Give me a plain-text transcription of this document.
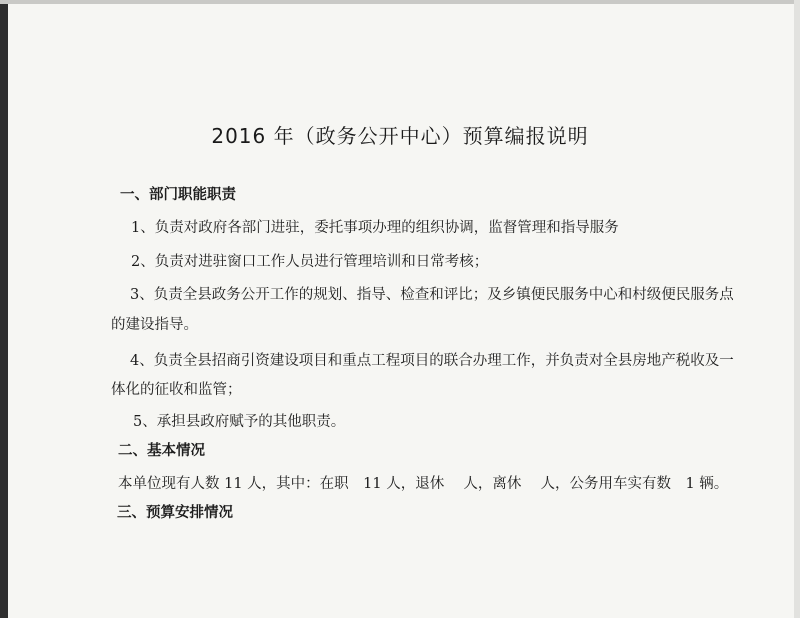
2016 年（政务公开中心）预算编报说明
一、部门职能职责
1、负责对政府各部门进驻，委托事项办理的组织协调，监督管理和指导服务
2、负责对进驻窗口工作人员进行管理培训和日常考核；
3、负责全县政务公开工作的规划、指导、检查和评比；及乡镇便民服务中心和村级便民服务点
的建设指导。
4、负责全县招商引资建设项目和重点工程项目的联合办理工作，并负责对全县房地产税收及一
体化的征收和监管；
5、承担县政府赋予的其他职责。
二、基本情况
本单位现有人数 11 人，其中：在职　11 人，退休　 人，离休　 人，公务用车实有数　1 辆。
三、预算安排情况
